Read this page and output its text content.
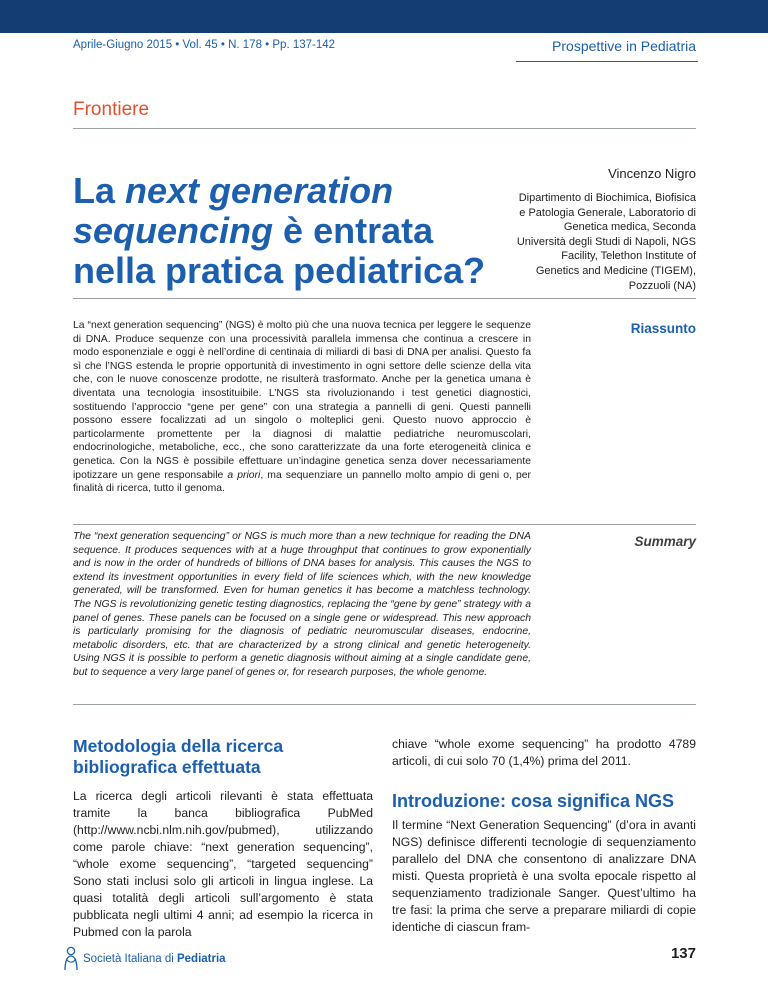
Aprile-Giugno 2015 • Vol. 45 • N. 178 • Pp. 137-142	Prospettive in Pediatria
Frontiere
La next generation sequencing è entrata nella pratica pediatrica?
Vincenzo Nigro
Dipartimento di Biochimica, Biofisica e Patologia Generale, Laboratorio di Genetica medica, Seconda Università degli Studi di Napoli, NGS Facility, Telethon Institute of Genetics and Medicine (TIGEM), Pozzuoli (NA)
La “next generation sequencing” (NGS) è molto più che una nuova tecnica per leggere le sequenze di DNA. Produce sequenze con una processività parallela immensa che continua a crescere in modo esponenziale e oggi è nell’ordine di centinaia di miliardi di basi di DNA per analisi. Questo fa sì che l’NGS estenda le proprie opportunità di investimento in ogni settore delle scienze della vita che, con le nuove conoscenze prodotte, ne risulterà trasformato. Anche per la genetica umana è diventata una tecnologia insostituibile. L’NGS sta rivoluzionando i test genetici diagnostici, sostituendo l’approccio “gene per gene” con una strategia a pannelli di geni. Questi pannelli possono essere focalizzati ad un singolo o molteplici geni. Questo nuovo approccio è particolarmente promettente per la diagnosi di malattie pediatriche neuromuscolari, endocrinologiche, metaboliche, ecc., che sono caratterizzate da una forte eterogeneità clinica e genetica. Con la NGS è possibile effettuare un’indagine genetica senza dover necessariamente ipotizzare un gene responsabile a priori, ma sequenziare un pannello molto ampio di geni o, per finalità di ricerca, tutto il genoma.
Riassunto
The “next generation sequencing” or NGS is much more than a new technique for reading the DNA sequence. It produces sequences with at a huge throughput that continues to grow exponentially and is now in the order of hundreds of billions of DNA bases for analysis. This causes the NGS to extend its investment opportunities in every field of life sciences which, with the new knowledge generated, will be transformed. Even for human genetics it has become a matchless technology. The NGS is revolutionizing genetic testing diagnostics, replacing the “gene by gene” strategy with a panel of genes. These panels can be focused on a single gene or widespread. This new approach is particularly promising for the diagnosis of pediatric neuromuscular diseases, endocrine, metabolic disorders, etc. that are characterized by a strong clinical and genetic heterogeneity. Using NGS it is possible to perform a genetic diagnosis without aiming at a single candidate gene, but to sequence a very large panel of genes or, for research purposes, the whole genome.
Summary
Metodologia della ricerca bibliografica effettuata

La ricerca degli articoli rilevanti è stata effettuata tramite la banca bibliografica PubMed (http://www.ncbi.nlm.nih.gov/pubmed), utilizzando come parole chiave: “next generation sequencing”, “whole exome sequencing”, “targeted sequencing” Sono stati inclusi solo gli articoli in lingua inglese. La quasi totalità degli articoli sull’argomento è stata pubblicata negli ultimi 4 anni; ad esempio la ricerca in Pubmed con la parola

chiave “whole exome sequencing” ha prodotto 4789 articoli, di cui solo 70 (1,4%) prima del 2011.

Introduzione: cosa significa NGS

Il termine “Next Generation Sequencing” (d’ora in avanti NGS) definisce differenti tecnologie di sequenziamento parallelo del DNA che consentono di analizzare DNA misti. Questa proprietà è una svolta epocale rispetto al sequenziamento tradizionale Sanger. Quest’ultimo ha tre fasi: la prima che serve a preparare miliardi di copie identiche di ciascun fram-

Società Italiana di Pediatria	137
